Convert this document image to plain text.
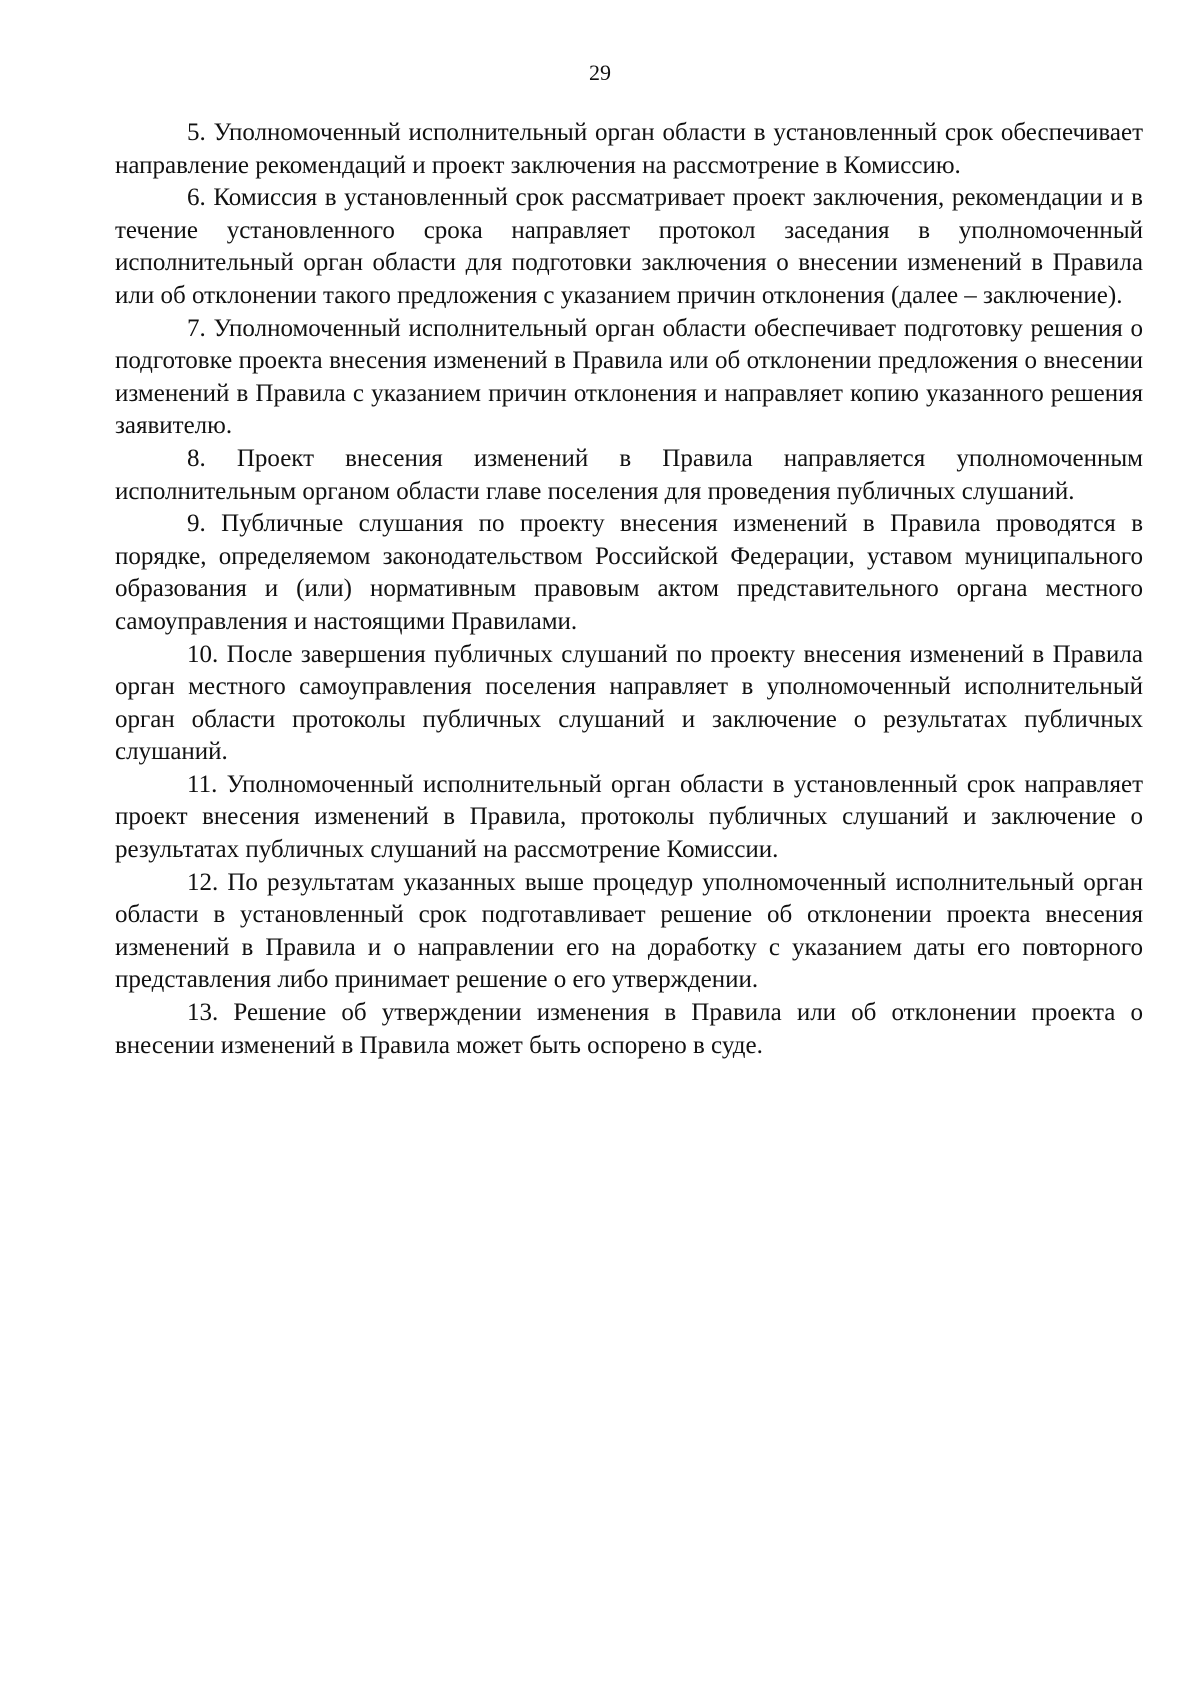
29

5. Уполномоченный исполнительный орган области в установленный срок обеспечивает направление рекомендаций и проект заключения на рассмотрение в Комиссию.

6. Комиссия в установленный срок рассматривает проект заключения, рекомендации и в течение установленного срока направляет протокол заседания в уполномоченный исполнительный орган области для подготовки заключения о внесении изменений в Правила или об отклонении такого предложения с указанием причин отклонения (далее – заключение).

7. Уполномоченный исполнительный орган области обеспечивает подготовку решения о подготовке проекта внесения изменений в Правила или об отклонении предложения о внесении изменений в Правила с указанием причин отклонения и направляет копию указанного решения заявителю.

8. Проект внесения изменений в Правила направляется уполномоченным исполнительным органом области главе поселения для проведения публичных слушаний.

9. Публичные слушания по проекту внесения изменений в Правила проводятся в порядке, определяемом законодательством Российской Федерации, уставом муниципального образования и (или) нормативным правовым актом представительного органа местного самоуправления и настоящими Правилами.

10. После завершения публичных слушаний по проекту внесения изменений в Правила орган местного самоуправления поселения направляет в уполномоченный исполнительный орган области протоколы публичных слушаний и заключение о результатах публичных слушаний.

11. Уполномоченный исполнительный орган области в установленный срок направляет проект внесения изменений в Правила, протоколы публичных слушаний и заключение о результатах публичных слушаний на рассмотрение Комиссии.

12. По результатам указанных выше процедур уполномоченный исполнительный орган области в установленный срок подготавливает решение об отклонении проекта внесения изменений в Правила и о направлении его на доработку с указанием даты его повторного представления либо принимает решение о его утверждении.

13. Решение об утверждении изменения в Правила или об отклонении проекта о внесении изменений в Правила может быть оспорено в суде.
